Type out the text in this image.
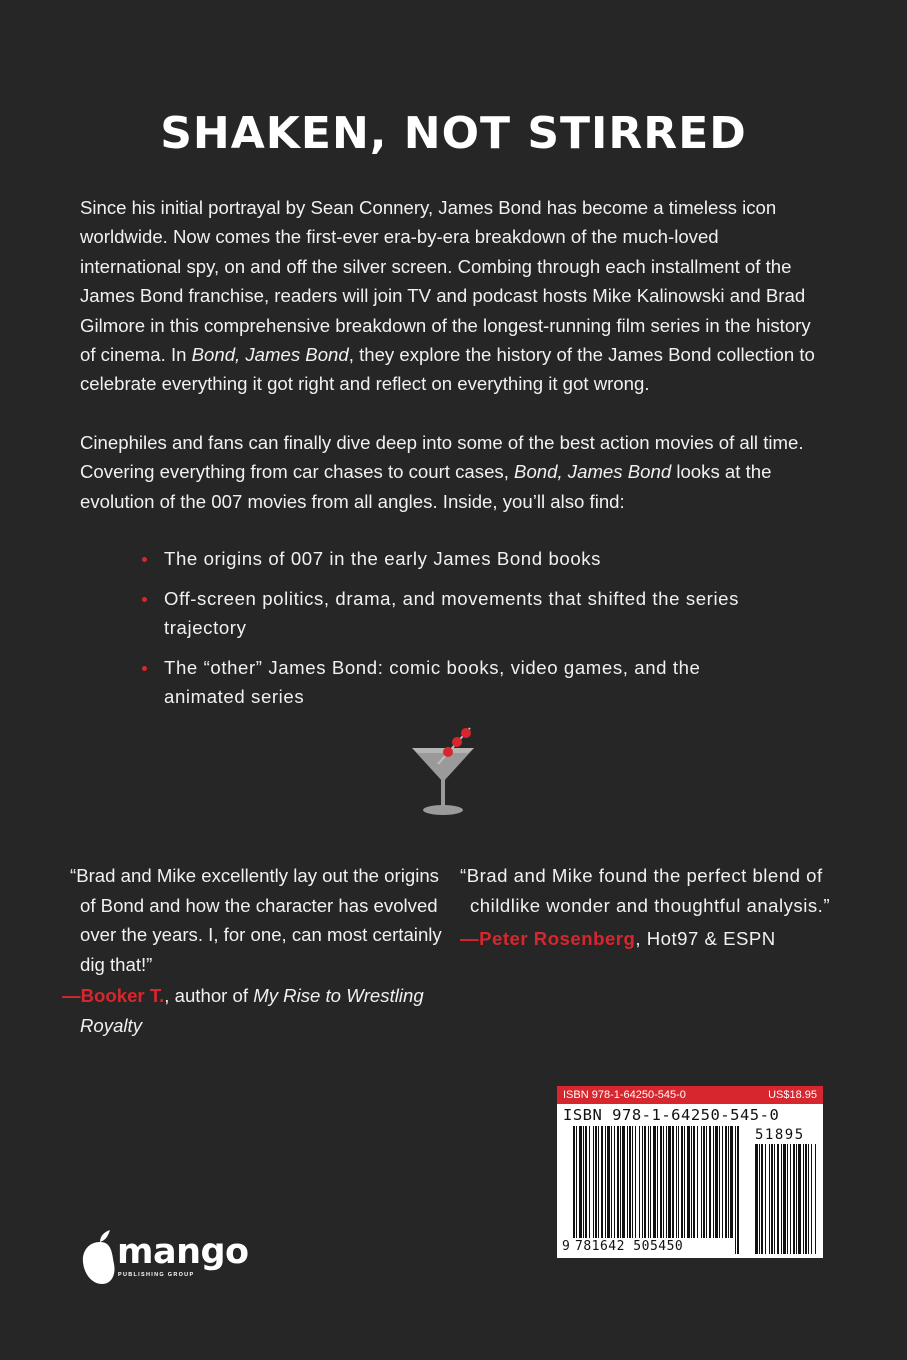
SHAKEN, NOT STIRRED

Since his initial portrayal by Sean Connery, James Bond has become a timeless icon worldwide. Now comes the first-ever era-by-era breakdown of the much-loved international spy, on and off the silver screen. Combing through each installment of the James Bond franchise, readers will join TV and podcast hosts Mike Kalinowski and Brad Gilmore in this comprehensive breakdown of the longest-running film series in the history of cinema. In Bond, James Bond, they explore the history of the James Bond collection to celebrate everything it got right and reflect on everything it got wrong.

Cinephiles and fans can finally dive deep into some of the best action movies of all time. Covering everything from car chases to court cases, Bond, James Bond looks at the evolution of the 007 movies from all angles. Inside, you’ll also find:

The origins of 007 in the early James Bond books
Off-screen politics, drama, and movements that shifted the series trajectory
The “other” James Bond: comic books, video games, and the animated series
“Brad and Mike excellently lay out the origins of Bond and how the character has evolved over the years. I, for one, can most certainly dig that!”
—Booker T., author of My Rise to Wrestling Royalty
“Brad and Mike found the perfect blend of childlike wonder and thoughtful analysis.”
—Peter Rosenberg, Hot97 & ESPN
ISBN 978-1-64250-545-0	US$18.95
ISBN 978-1-64250-545-0
9 781642 505450
51895
mango
PUBLISHING GROUP
